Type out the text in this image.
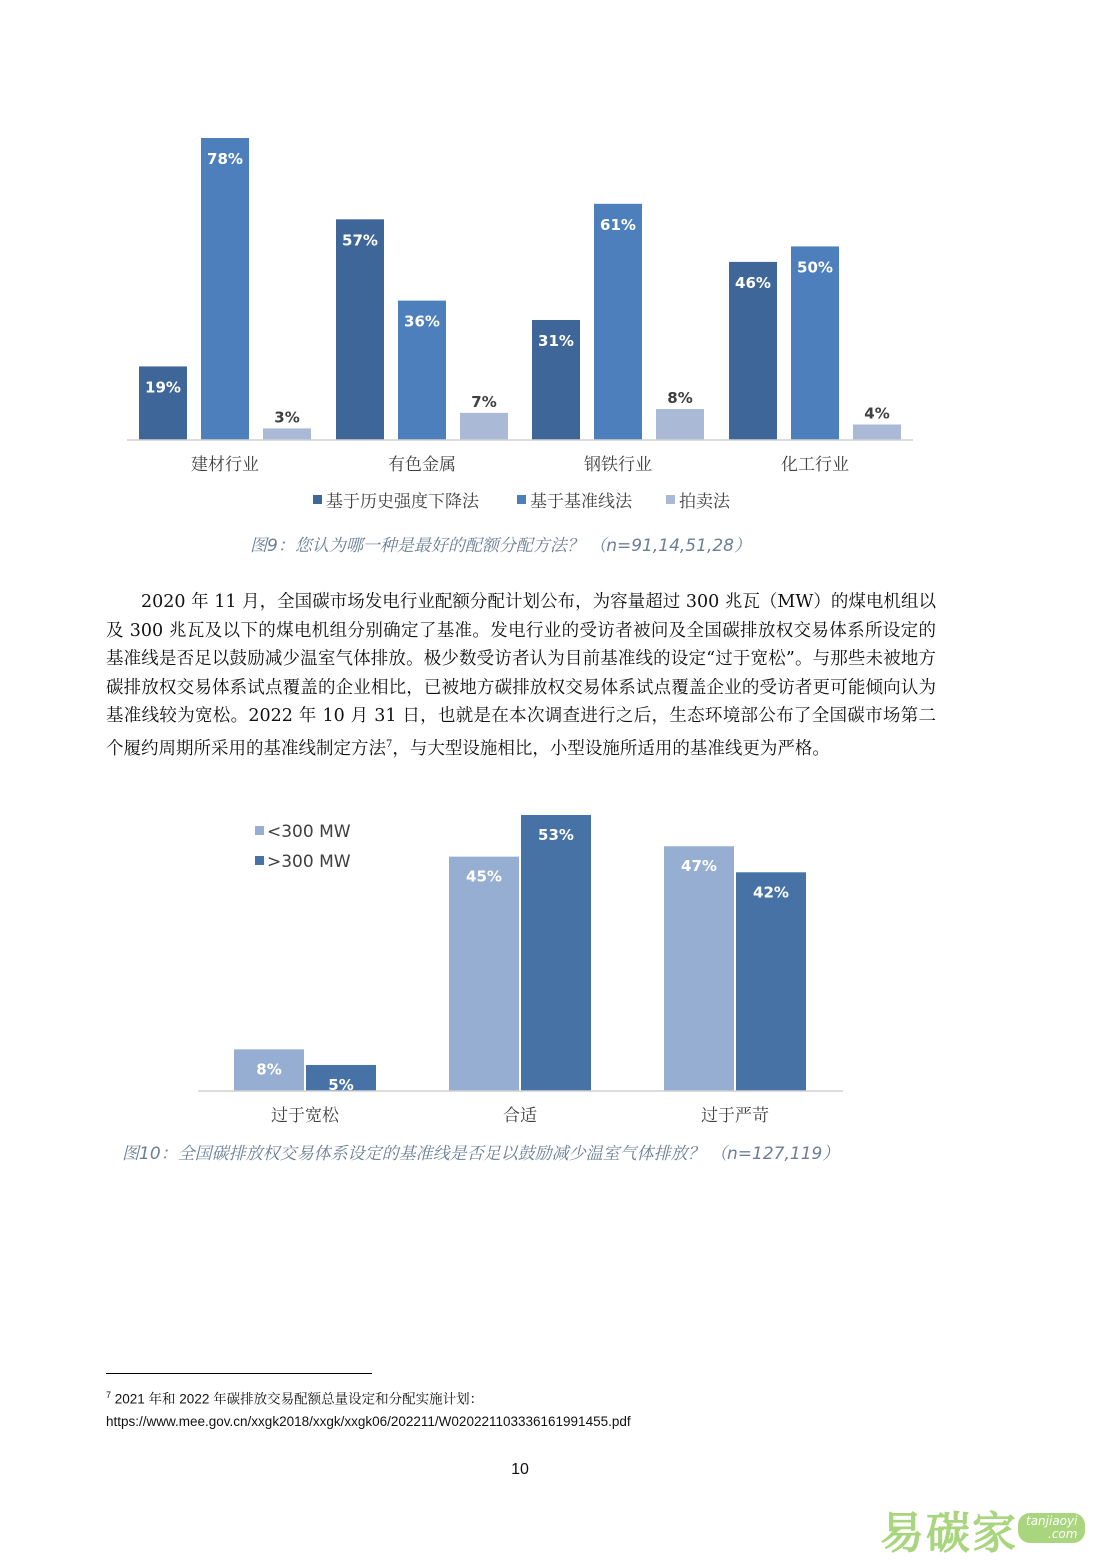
19%
78%
3%
建材行业
57%
36%
7%
有色金属
31%
61%
8%
钢铁行业
46%
50%
4%
化工行业
基于历史强度下降法	基于基准线法	拍卖法
图9：您认为哪一种是最好的配额分配方法？ （n=91,14,51,28）

2020 年 11 月，全国碳市场发电行业配额分配计划公布，为容量超过 300 兆瓦（MW）的煤电机组以及 300 兆瓦及以下的煤电机组分别确定了基准。发电行业的受访者被问及全国碳排放权交易体系所设定的基准线是否足以鼓励减少温室气体排放。极少数受访者认为目前基准线的设定“过于宽松”。与那些未被地方碳排放权交易体系试点覆盖的企业相比，已被地方碳排放权交易体系试点覆盖企业的受访者更可能倾向认为基准线较为宽松。2022 年 10 月 31 日，也就是在本次调查进行之后，生态环境部公布了全国碳市场第二个履约周期所采用的基准线制定方法$^7$，与大型设施相比，小型设施所适用的基准线更为严格。

8%
5%
过于宽松
45%
53%
合适
47%
42%
过于严苛
<300 MW
>300 MW
图10：全国碳排放权交易体系设定的基准线是否足以鼓励减少温室气体排放？ （n=127,119）
$^7$ 2021 年和 2022 年碳排放交易配额总量设定和分配实施计划：
https://www.mee.gov.cn/xxgk2018/xxgk/xxgk06/202211/W020221103336161991455.pdf
10
易碳家 tanjiaoyi
.com
